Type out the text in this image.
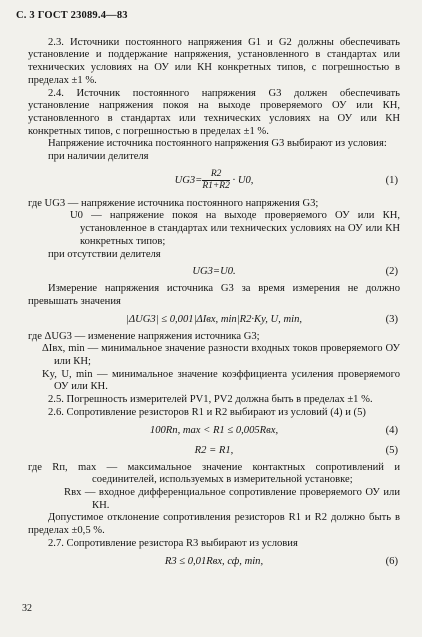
С. 3 ГОСТ 23089.4—83

2.3. Источники постоянного напряжения G1 и G2 должны обеспечивать установление и поддержание напряжения, установленного в стандартах или технических условиях на ОУ или КН конкретных типов, с погрешностью в пределах ±1 %.

2.4. Источник постоянного напряжения G3 должен обеспечивать установление напряжения покоя на выходе проверяемого ОУ или КН, установленного в стандартах или технических условиях на ОУ или КН конкретных типов, с погрешностью в пределах ±1 %.

Напряжение источника постоянного напряжения G3 выбирают из условия:

при наличии делителя

$UG3= \frac{R2}{R1+R2} \cdot U0$,	(1)

где UG3 — напряжение источника постоянного напряжения G3;

U0 — напряжение покоя на выходе проверяемого ОУ или КН, установленное в стандартах или технических условиях на ОУ или КН конкретных типов;

при отсутствии делителя

UG3=U0.	(2)

Измерение напряжения источника G3 за время измерения не должно превышать значения

|ΔUG3| ≤ 0,001|ΔIвх, min|R2·Ky, U, min,	(3)

где ΔUG3 — изменение напряжения источника G3;

ΔIвх, min — минимальное значение разности входных токов проверяемого ОУ или КН;

Ky, U, min — минимальное значение коэффициента усиления проверяемого ОУ или КН.

2.5. Погрешность измерителей PV1, PV2 должна быть в пределах ±1 %.

2.6. Сопротивление резисторов R1 и R2 выбирают из условий (4) и (5)

100Rп, max < R1 ≤ 0,005Rвх,	(4)
R2 = R1,	(5)

где Rп, max — максимальное значение контактных сопротивлений и соединителей, используемых в измерительной установке;

Rвх — входное дифференциальное сопротивление проверяемого ОУ или КН.

Допустимое отклонение сопротивления резисторов R1 и R2 должно быть в пределах ±0,5 %.

2.7. Сопротивление резистора R3 выбирают из условия

R3 ≤ 0,01Rвх, сф, min,	(6)
32
